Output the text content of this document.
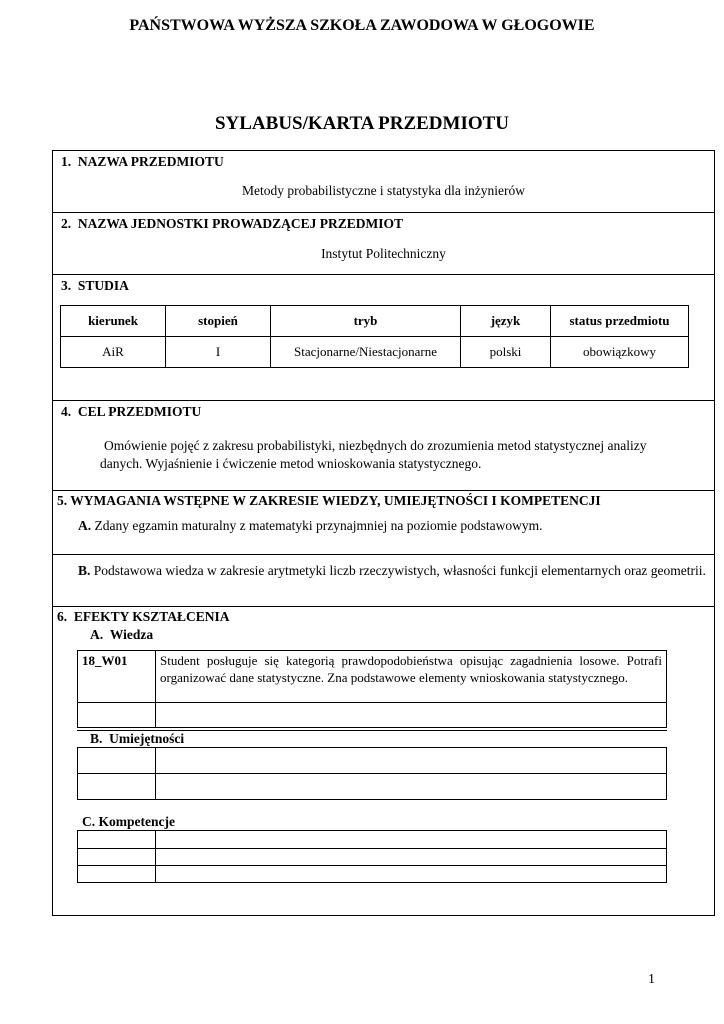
PAŃSTWOWA WYŻSZA SZKOŁA ZAWODOWA W GŁOGOWIE
SYLABUS/KARTA PRZEDMIOTU
1. NAZWA PRZEDMIOTU
Metody probabilistyczne i statystyka dla inżynierów
2. NAZWA JEDNOSTKI PROWADZĄCEJ PRZEDMIOT
Instytut Politechniczny
3. STUDIA
kierunek	stopień	tryb	język	status przedmiotu
AiR	I	Stacjonarne/Niestacjonarne	polski	obowiązkowy
4. CEL PRZEDMIOTU
Omówienie pojęć z zakresu probabilistyki, niezbędnych do zrozumienia metod statystycznej analizy danych. Wyjaśnienie i ćwiczenie metod wnioskowania statystycznego.
5. WYMAGANIA WSTĘPNE W ZAKRESIE WIEDZY, UMIEJĘTNOŚCI I KOMPETENCJI
A. Zdany egzamin maturalny z matematyki przynajmniej na poziomie podstawowym.
B. Podstawowa wiedza w zakresie arytmetyki liczb rzeczywistych, własności funkcji elementarnych oraz geometrii.
6. EFEKTY KSZTAŁCENIA
A. Wiedza
18_W01	Student posługuje się kategorią prawdopodobieństwa opisując zagadnienia losowe. Potrafi organizować dane statystyczne. Zna podstawowe elementy wnioskowania statystycznego.

B. Umiejętności

C. Kompetencje

1
